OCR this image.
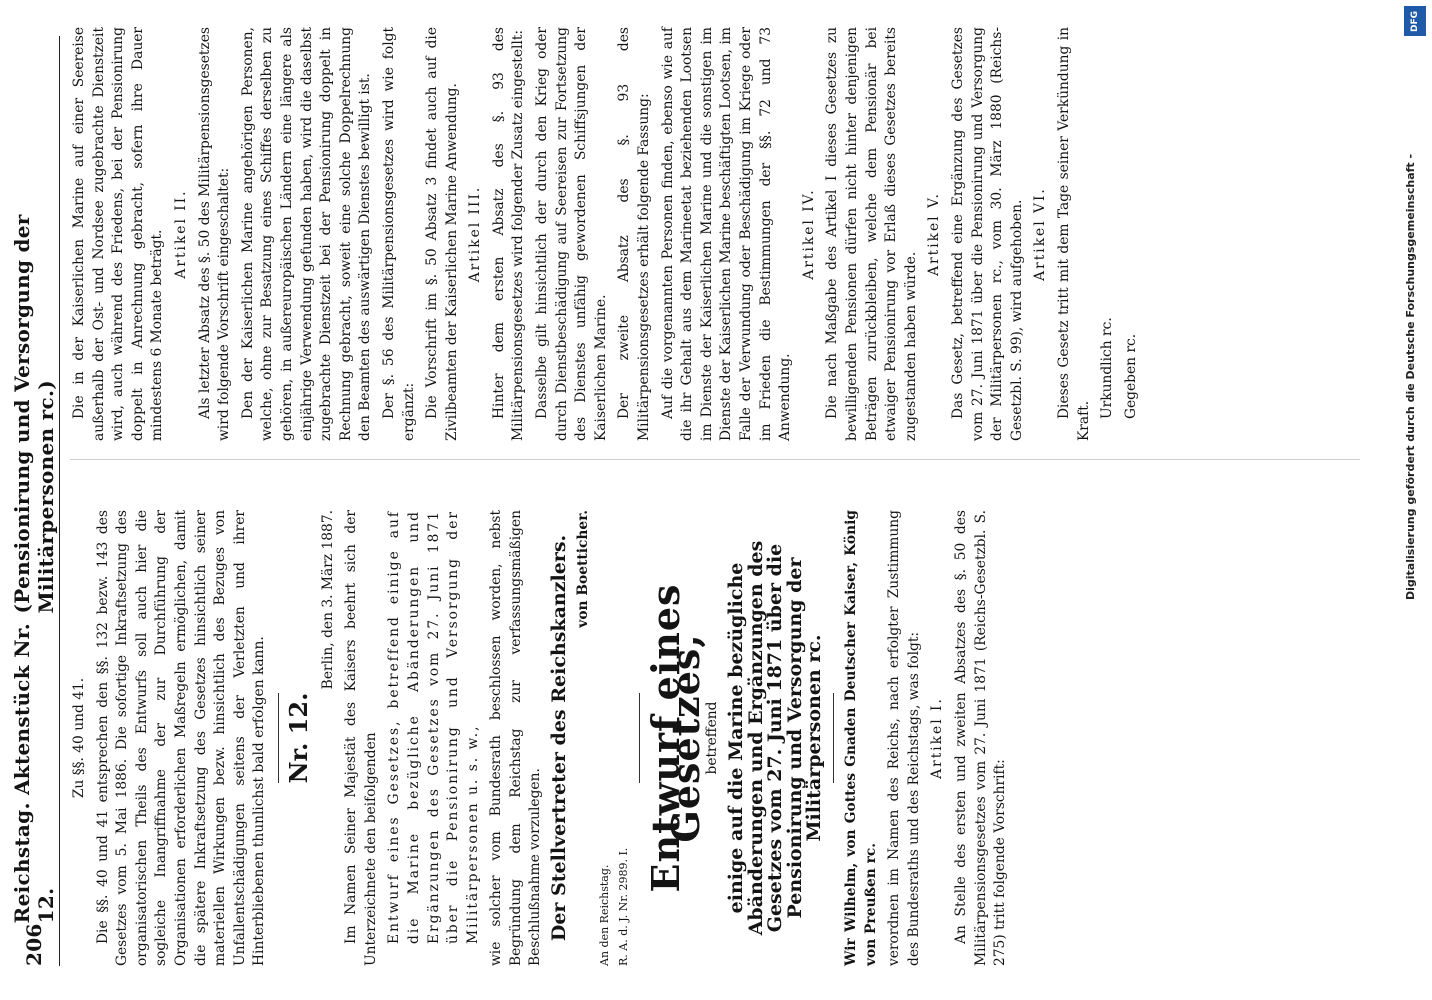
206
Reichstag. Aktenstück Nr. 12.
(Pensionirung und Versorgung der Militärpersonen rc.)

Zu §§. 40 und 41. Die §§. 40 und 41 entsprechen den §§. 132 bezw. 143 des Gesetzes vom 5. Mai 1886. Die sofortige Inkraftsetzung des organisatorischen Theils des Entwurfs soll auch hier die sogleiche Inangriffnahme der zur Durchführung der Organisationen erforderlichen Maßregeln ermöglichen, damit die spätere Inkraftsetzung des Gesetzes hinsichtlich seiner materiellen Wirkungen bezw. hinsichtlich des Bezuges von Unfallentschädigungen seitens der Verletzten und ihrer Hinterbliebenen thunlichst bald erfolgen kann. Nr. 12.

Berlin, den 3. März 1887. Im Namen Seiner Majestät des Kaisers beehrt sich der Unterzeichnete den beifolgenden Entwurf eines Gesetzes, betreffend einige auf die Marine bezügliche Abänderungen und Ergänzungen des Gesetzes vom 27. Juni 1871 über die Pensionirung und Versorgung der Militärpersonen u. s. w., wie solcher vom Bundesrath beschlossen worden, nebst Begründung dem Reichstag zur verfassungsmäßigen Beschlußnahme vorzulegen. Der Stellvertreter des Reichskanzlers. von Boetticher.

An den Reichstag. R. A. d. J. Nr. 2989. I.

Entwurf eines Gesetzes,

betreffend einige auf die Marine bezügliche Abänderungen und Ergänzungen des Gesetzes vom 27. Juni 1871 über die Pensionirung und Versorgung der Militärpersonen rc. Wir Wilhelm, von Gottes Gnaden Deutscher Kaiser, König von Preußen rc. verordnen im Namen des Reichs, nach erfolgter Zustimmung des Bundesraths und des Reichstags, was folgt: Artikel I. An Stelle des ersten und zweiten Absatzes des §. 50 des Militärpensionsgesetzes vom 27. Juni 1871 (Reichs-Gesetzbl. S. 275) tritt folgende Vorschrift:

Die in der Kaiserlichen Marine auf einer Seereise außerhalb der Ost- und Nordsee zugebrachte Dienstzeit wird, auch während des Friedens, bei der Pensionirung doppelt in Anrechnung gebracht, sofern ihre Dauer mindestens 6 Monate beträgt. Artikel II. Als letzter Absatz des §. 50 des Militärpensionsgesetzes wird folgende Vorschrift eingeschaltet: Den der Kaiserlichen Marine angehörigen Personen, welche, ohne zur Besatzung eines Schiffes derselben zu gehören, in außereuropäischen Ländern eine längere als einjährige Verwendung gefunden haben, wird die daselbst zugebrachte Dienstzeit bei der Pensionirung doppelt in Rechnung gebracht, soweit eine solche Doppelrechnung den Beamten des auswärtigen Dienstes bewilligt ist. Der §. 56 des Militärpensionsgesetzes wird wie folgt ergänzt: Die Vorschrift im §. 50 Absatz 3 findet auch auf die Zivilbeamten der Kaiserlichen Marine Anwendung. Artikel III. Hinter dem ersten Absatz des §. 93 des Militärpensionsgesetzes wird folgender Zusatz eingestellt: Dasselbe gilt hinsichtlich der durch den Krieg oder durch Dienstbeschädigung auf Seereisen zur Fortsetzung des Dienstes unfähig gewordenen Schiffsjungen der Kaiserlichen Marine. Der zweite Absatz des §. 93 des Militärpensionsgesetzes erhält folgende Fassung: Auf die vorgenannten Personen finden, ebenso wie auf die ihr Gehalt aus dem Marineetat beziehenden Lootsen im Dienste der Kaiserlichen Marine und die sonstigen im Dienste der Kaiserlichen Marine beschäftigten Lootsen, im Falle der Verwundung oder Beschädigung im Kriege oder im Frieden die Bestimmungen der §§. 72 und 73 Anwendung.

Artikel IV. Die nach Maßgabe des Artikel I dieses Gesetzes zu bewilligenden Pensionen dürfen nicht hinter denjenigen Beträgen zurückbleiben, welche dem Pensionär bei etwaiger Pensionirung vor Erlaß dieses Gesetzes bereits zugestanden haben würde.

Artikel V. Das Gesetz, betreffend eine Ergänzung des Gesetzes vom 27. Juni 1871 über die Pensionirung und Versorgung der Militärpersonen rc., vom 30. März 1880 (Reichs-Gesetzbl. S. 99), wird aufgehoben. Artikel VI. Dieses Gesetz tritt mit dem Tage seiner Verkündung in Kraft.

Urkundlich rc. Gegeben rc.

DFG
Digitalisierung gefördert durch die Deutsche Forschungsgemeinschaft -
